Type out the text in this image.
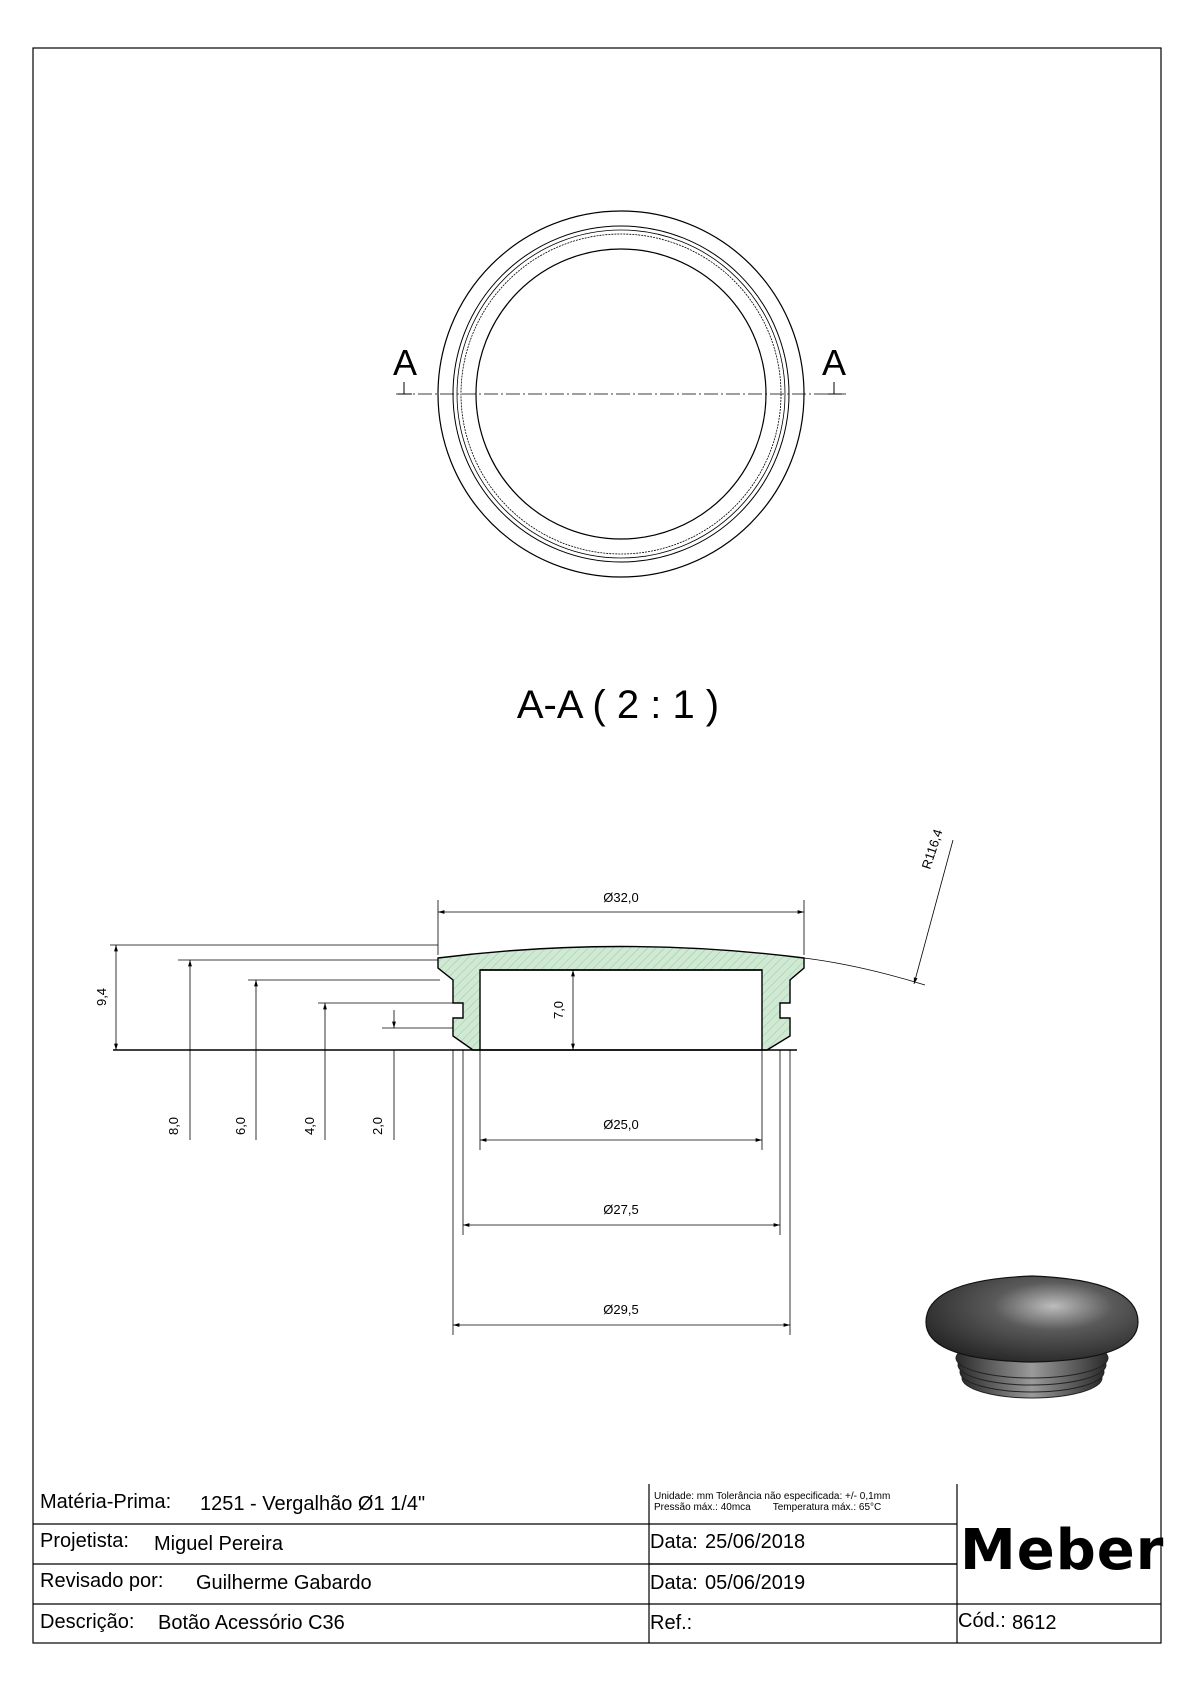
A	A
A-A ( 2 : 1 )
Ø32,0
R116,4
9,4
7,0
8,0	6,0	4,0	2,0	Ø25,0
Ø27,5
Ø29,5
Matéria-Prima: 1251 - Vergalhão Ø1 1/4"	Unidade: mm Tolerância não especificada: +/- 0,1mm
Pressão máx.: 40mca        Temperatura máx.: 65°C
Projetista: Miguel Pereira	Data: 25/06/2018
Revisado por: Guilherme Gabardo	Data: 05/06/2019
Descrição: Botão Acessório C36	Ref.:	Cód.: 8612
Meber
